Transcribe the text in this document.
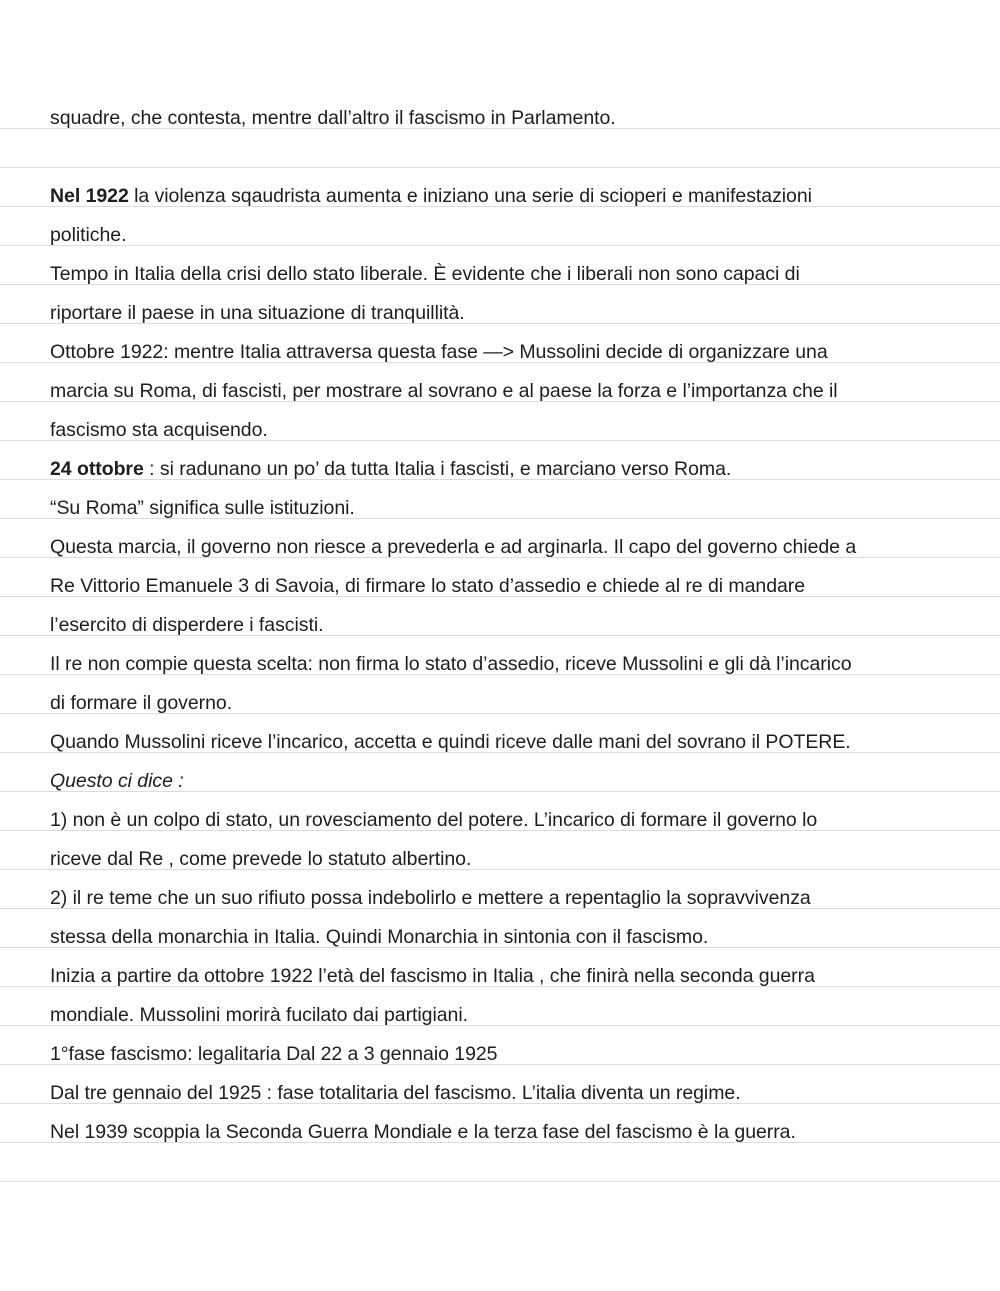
squadre, che contesta, mentre dall’altro il fascismo in Parlamento.
Nel 1922 la violenza sqaudrista aumenta e iniziano una serie di scioperi e manifestazioni
politiche.
Tempo in Italia della crisi dello stato liberale. È evidente che i liberali non sono capaci di
riportare il paese in una situazione di tranquillità.
Ottobre 1922: mentre Italia attraversa questa fase —> Mussolini decide di organizzare una
marcia su Roma, di fascisti, per mostrare al sovrano e al paese la forza e l’importanza che il
fascismo sta acquisendo.
24 ottobre : si radunano un po’ da tutta Italia i fascisti, e marciano verso Roma.
“Su Roma” significa sulle istituzioni.
Questa marcia, il governo non riesce a prevederla e ad arginarla. Il capo del governo chiede a
Re Vittorio Emanuele 3 di Savoia, di firmare lo stato d’assedio e chiede al re di mandare
l’esercito di disperdere i fascisti.
Il re non compie questa scelta: non firma lo stato d’assedio, riceve Mussolini e gli dà l’incarico
di formare il governo.
Quando Mussolini riceve l’incarico, accetta e quindi riceve dalle mani del sovrano il POTERE.
Questo ci dice :
1) non è un colpo di stato, un rovesciamento del potere. L’incarico di formare il governo lo
riceve dal Re , come prevede lo statuto albertino.
2) il re teme che un suo rifiuto possa indebolirlo e mettere a repentaglio la sopravvivenza
stessa della monarchia in Italia. Quindi Monarchia in sintonia con il fascismo.
Inizia a partire da ottobre 1922 l’età del fascismo in Italia , che finirà nella seconda guerra
mondiale. Mussolini morirà fucilato dai partigiani.
1°fase fascismo: legalitaria Dal 22 a 3 gennaio 1925
Dal tre gennaio del 1925 : fase totalitaria del fascismo. L’italia diventa un regime.
Nel 1939 scoppia la Seconda Guerra Mondiale e la terza fase del fascismo è la guerra.
